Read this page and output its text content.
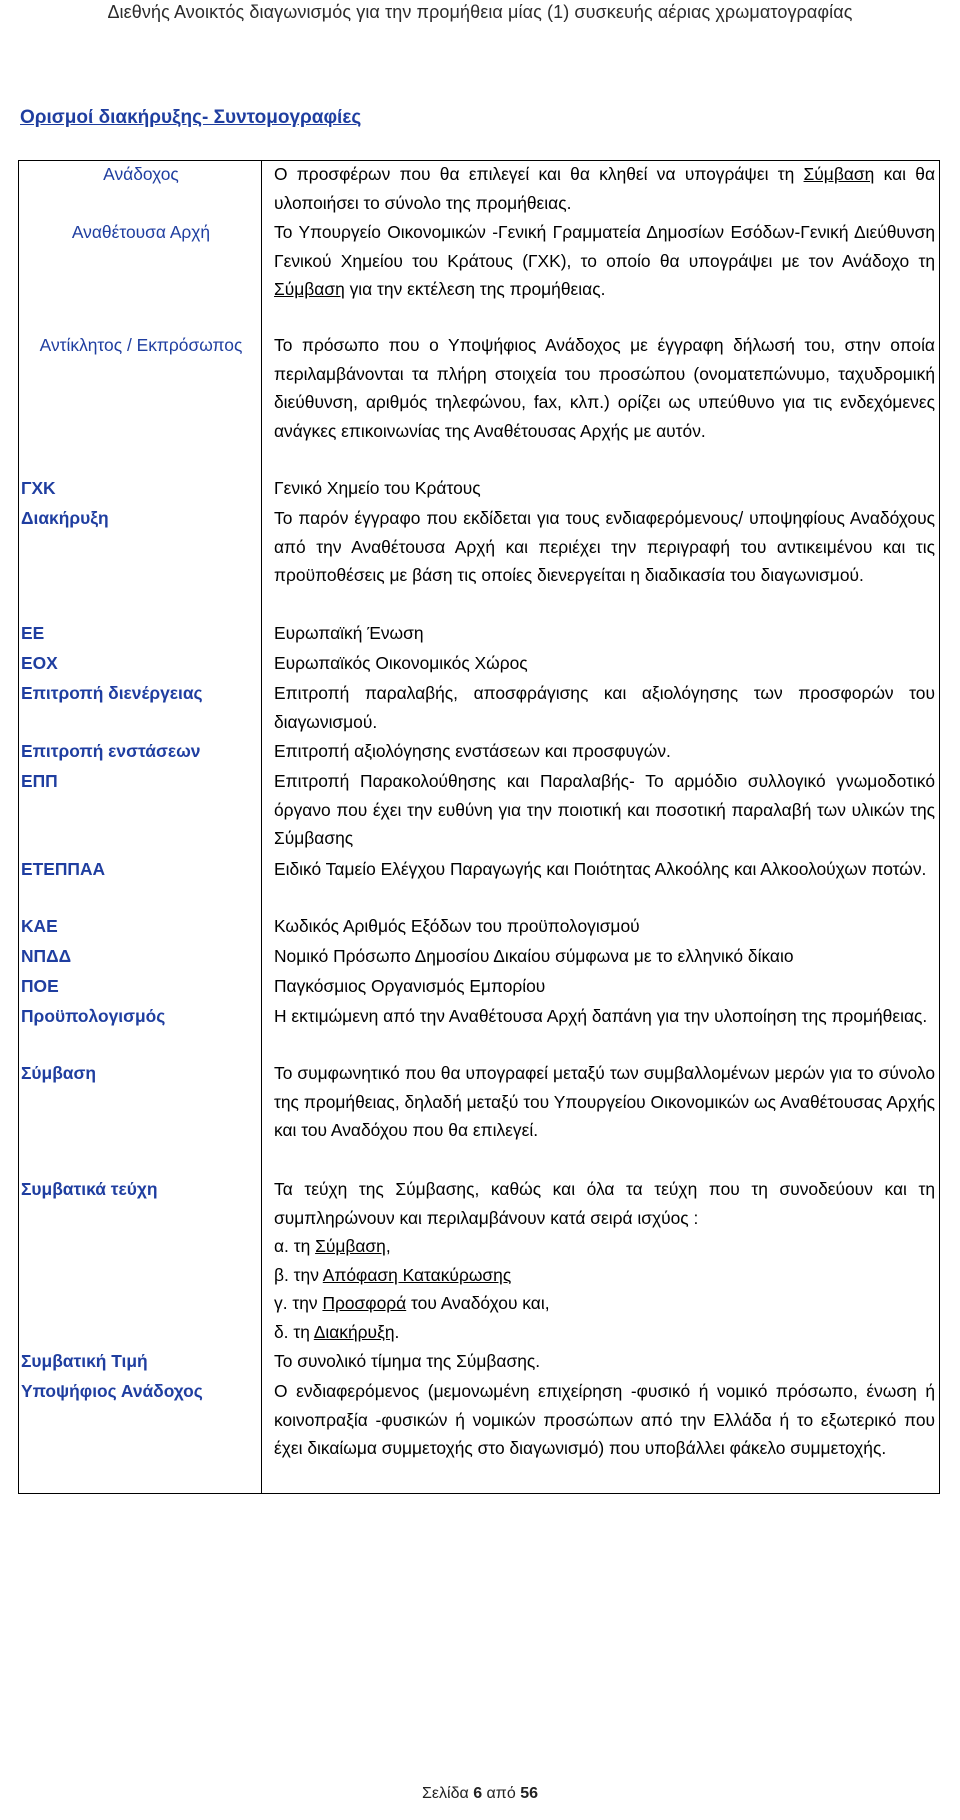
Διεθνής Ανοικτός διαγωνισμός για την προμήθεια μίας (1) συσκευής αέριας χρωματογραφίας
Ορισμοί διακήρυξης- Συντομογραφίες
Ανάδοχος	Ο προσφέρων που θα επιλεγεί και θα κληθεί να υπογράψει τη Σύμβαση και θα υλοποιήσει το σύνολο της προμήθειας.
Αναθέτουσα Αρχή	Το Υπουργείο Οικονομικών -Γενική Γραμματεία Δημοσίων Εσόδων-Γενική Διεύθυνση Γενικού Χημείου του Κράτους (ΓΧΚ), το οποίο θα υπογράψει με τον Ανάδοχο τη Σύμβαση για την εκτέλεση της προμήθειας.
Αντίκλητος / Εκπρόσωπος	Το πρόσωπο που ο Υποψήφιος Ανάδοχος με έγγραφη δήλωσή του, στην οποία περιλαμβάνονται τα πλήρη στοιχεία του προσώπου (ονοματεπώνυμο, ταχυδρομική διεύθυνση, αριθμός τηλεφώνου, fax, κλπ.) ορίζει ως υπεύθυνο για τις ενδεχόμενες ανάγκες επικοινωνίας της Αναθέτουσας Αρχής με αυτόν.
ΓΧΚ	Γενικό Χημείο του Κράτους
Διακήρυξη	Το παρόν έγγραφο που εκδίδεται για τους ενδιαφερόμενους/ υποψηφίους Αναδόχους από την Αναθέτουσα Αρχή και περιέχει την περιγραφή του αντικειμένου και τις προϋποθέσεις με βάση τις οποίες διενεργείται η διαδικασία του διαγωνισμού.
ΕΕ	Ευρωπαϊκή Ένωση
ΕΟΧ	Ευρωπαϊκός Οικονομικός Χώρος
Επιτροπή διενέργειας	Επιτροπή παραλαβής, αποσφράγισης και αξιολόγησης των προσφορών του διαγωνισμού.
Επιτροπή ενστάσεων	Επιτροπή αξιολόγησης ενστάσεων και προσφυγών.
ΕΠΠ	Επιτροπή Παρακολούθησης και Παραλαβής- Το αρμόδιο συλλογικό γνωμοδοτικό όργανο που έχει την ευθύνη για την ποιοτική και ποσοτική παραλαβή των υλικών της Σύμβασης
ΕΤΕΠΠΑΑ	Ειδικό Ταμείο Ελέγχου Παραγωγής και Ποιότητας Αλκοόλης και Αλκοολούχων ποτών.
ΚΑΕ	Κωδικός Αριθμός Εξόδων του προϋπολογισμού
ΝΠΔΔ	Νομικό Πρόσωπο Δημοσίου Δικαίου σύμφωνα με το ελληνικό δίκαιο
ΠΟΕ	Παγκόσμιος Οργανισμός Εμπορίου
Προϋπολογισμός	Η εκτιμώμενη από την Αναθέτουσα Αρχή δαπάνη για την υλοποίηση της προμήθειας.
Σύμβαση	Το συμφωνητικό που θα υπογραφεί μεταξύ των συμβαλλομένων μερών για το σύνολο της προμήθειας, δηλαδή μεταξύ του Υπουργείου Οικονομικών ως Αναθέτουσας Αρχής και του Αναδόχου που θα επιλεγεί.
Συμβατικά τεύχη	Τα τεύχη της Σύμβασης, καθώς και όλα τα τεύχη που τη συνοδεύουν και τη συμπληρώνουν και περιλαμβάνουν κατά σειρά ισχύος :
α. τη Σύμβαση,
β. την Απόφαση Κατακύρωσης
γ. την Προσφορά του Αναδόχου και,
δ. τη Διακήρυξη.

Συμβατική Τιμή	Το συνολικό τίμημα της Σύμβασης.
Υποψήφιος Ανάδοχος	Ο ενδιαφερόμενος (μεμονωμένη επιχείρηση -φυσικό ή νομικό πρόσωπο, ένωση ή κοινοπραξία -φυσικών ή νομικών προσώπων από την Ελλάδα ή το εξωτερικό που έχει δικαίωμα συμμετοχής στο διαγωνισμό) που υποβάλλει φάκελο συμμετοχής.
Σελίδα 6 από 56
